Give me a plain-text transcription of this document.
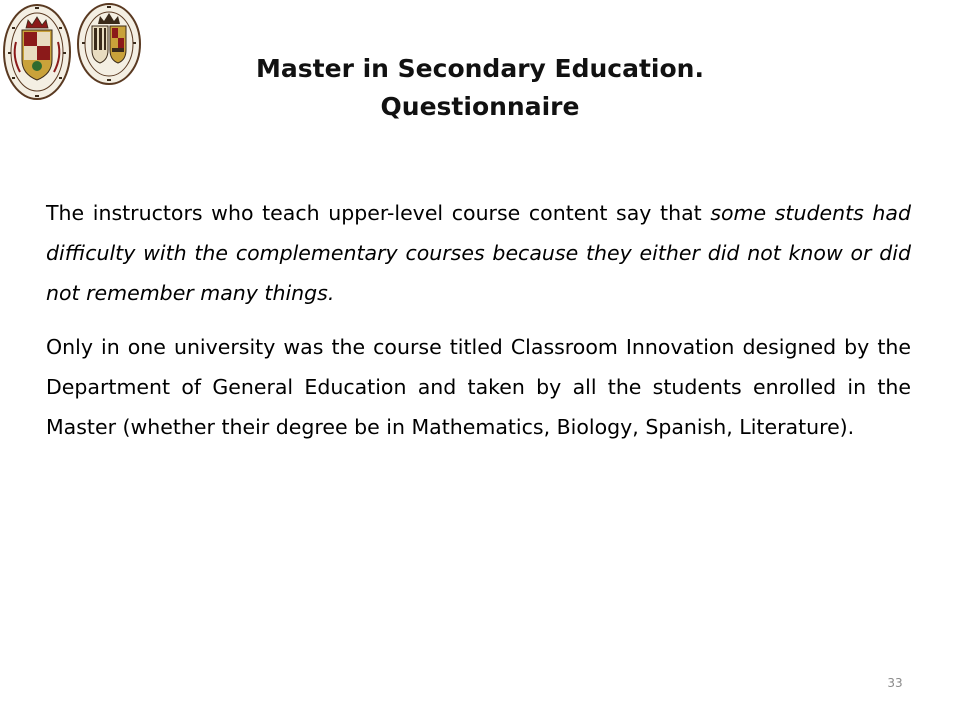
Master in Secondary Education.
Questionnaire

The instructors who teach upper-level course content say that some students had difficulty with the complementary courses because they either did not know or did not remember many things.

Only in one university was the course titled Classroom Innovation designed by the Department of General Education and taken by all the students enrolled in the Master (whether their degree be in Mathematics, Biology, Spanish, Literature).

33
